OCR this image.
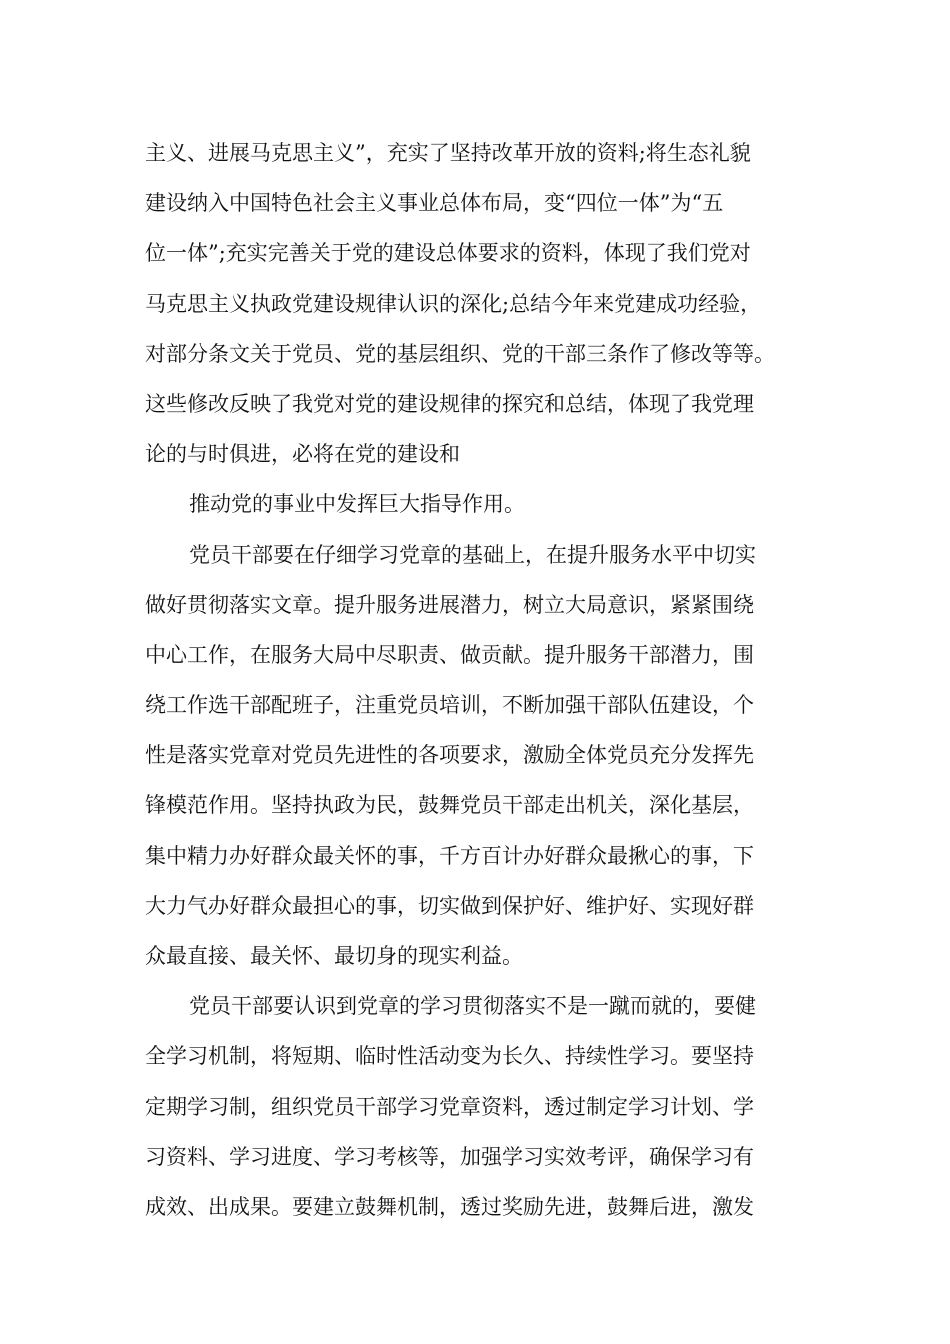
主义、进展马克思主义”，充实了坚持改革开放的资料;将生态礼貌
建设纳入中国特色社会主义事业总体布局，变“四位一体”为“五
位一体”;充实完善关于党的建设总体要求的资料，体现了我们党对
马克思主义执政党建设规律认识的深化;总结今年来党建成功经验，
对部分条文关于党员、党的基层组织、党的干部三条作了修改等等。
这些修改反映了我党对党的建设规律的探究和总结，体现了我党理
论的与时俱进，必将在党的建设和
推动党的事业中发挥巨大指导作用。
党员干部要在仔细学习党章的基础上，在提升服务水平中切实
做好贯彻落实文章。提升服务进展潜力，树立大局意识，紧紧围绕
中心工作，在服务大局中尽职责、做贡献。提升服务干部潜力，围
绕工作选干部配班子，注重党员培训，不断加强干部队伍建设，个
性是落实党章对党员先进性的各项要求，激励全体党员充分发挥先
锋模范作用。坚持执政为民，鼓舞党员干部走出机关，深化基层，
集中精力办好群众最关怀的事，千方百计办好群众最揪心的事，下
大力气办好群众最担心的事，切实做到保护好、维护好、实现好群
众最直接、最关怀、最切身的现实利益。
党员干部要认识到党章的学习贯彻落实不是一蹴而就的，要健
全学习机制，将短期、临时性活动变为长久、持续性学习。要坚持
定期学习制，组织党员干部学习党章资料，透过制定学习计划、学
习资料、学习进度、学习考核等，加强学习实效考评，确保学习有
成效、出成果。要建立鼓舞机制，透过奖励先进，鼓舞后进，激发
